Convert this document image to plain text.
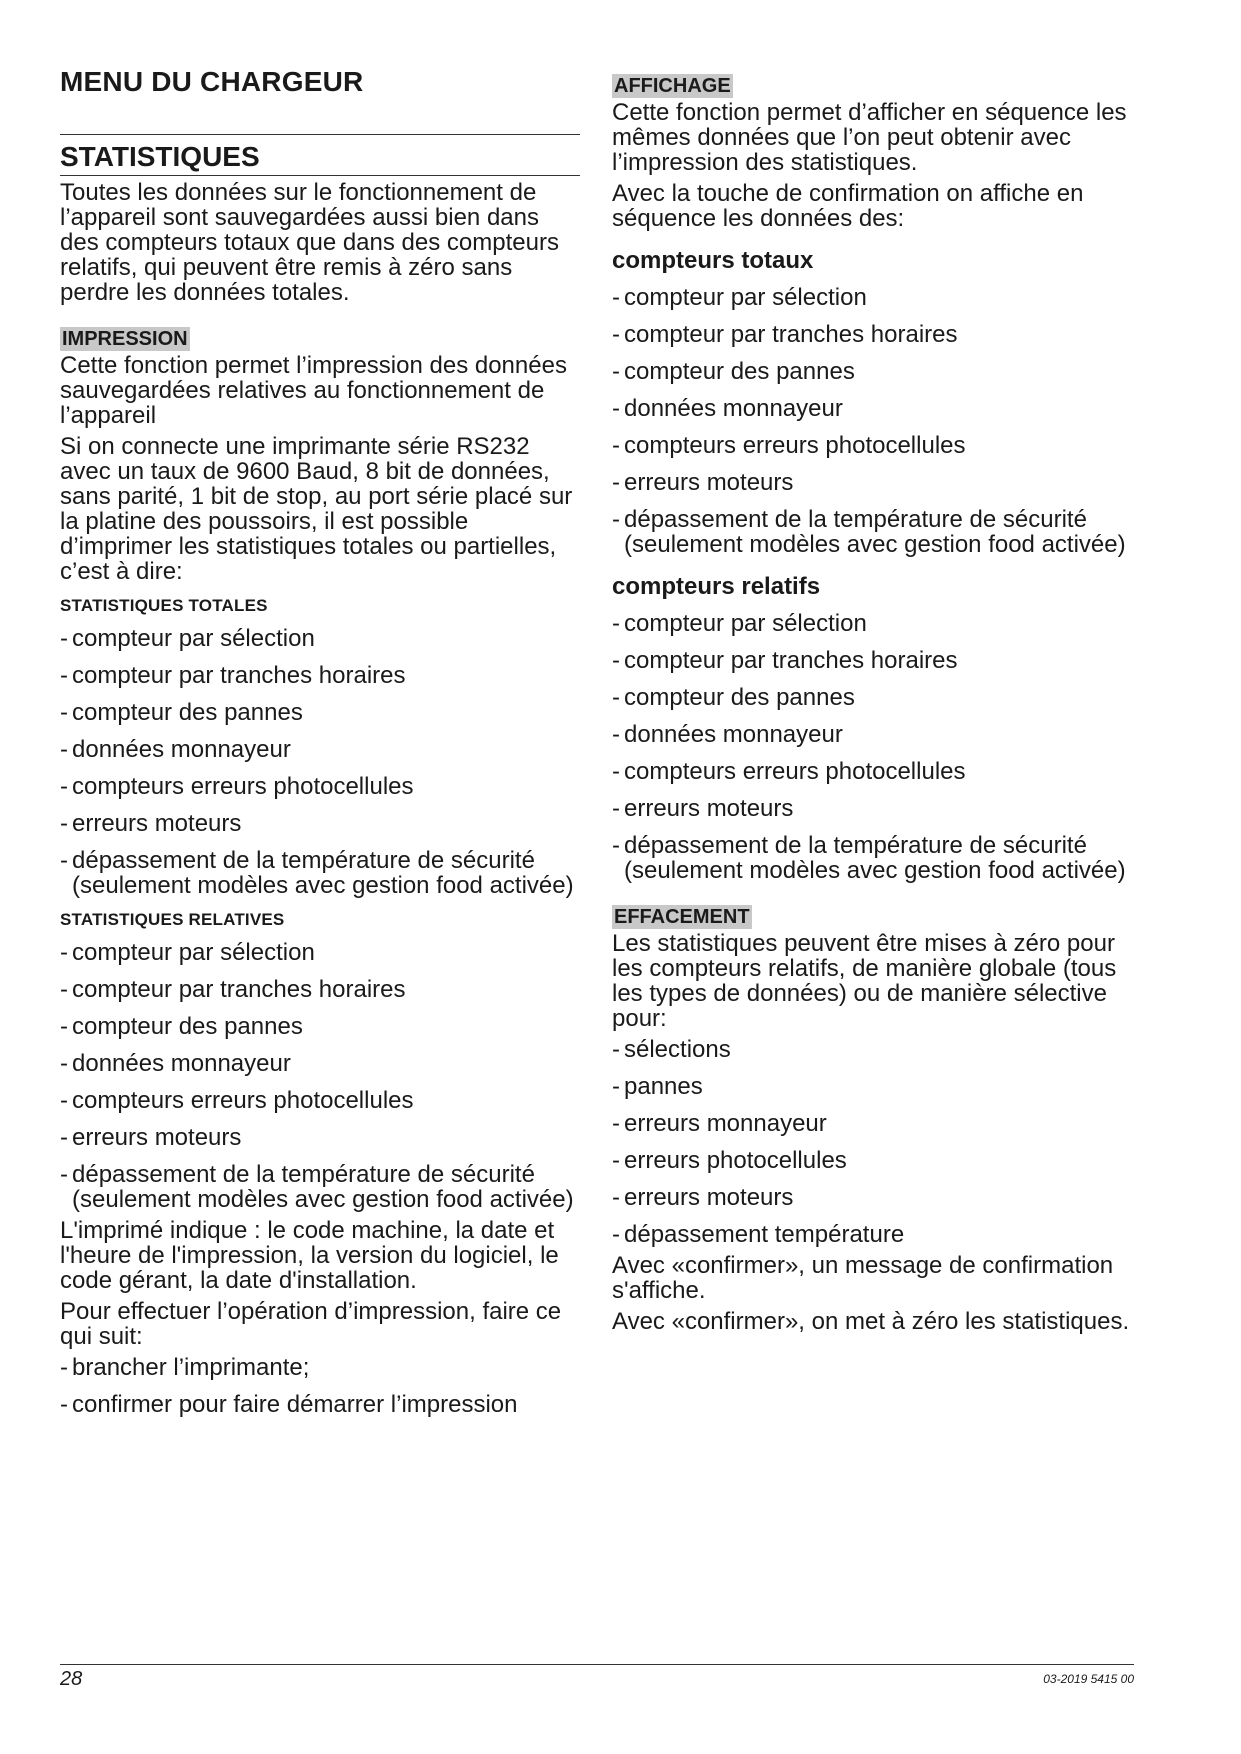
MENU DU CHARGEUR
STATISTIQUES

Toutes les données sur le fonctionnement de l’appareil sont sauvegardées aussi bien dans des compteurs totaux que dans des compteurs relatifs, qui peuvent être remis à zéro sans perdre les données totales.

IMPRESSION

Cette fonction permet l’impression des données sauvegardées relatives au fonctionnement de l’appareil

Si on connecte une imprimante série RS232 avec un taux de 9600 Baud, 8 bit de données, sans parité, 1 bit de stop, au port série placé sur la platine des poussoirs, il est possible d’imprimer les statistiques totales ou partielles, c’est à dire:

STATISTIQUES TOTALES
- compteur par sélection
- compteur par tranches horaires
- compteur des pannes
- données monnayeur
- compteurs erreurs photocellules
- erreurs moteurs
- dépassement de la température de sécurité (seulement modèles avec gestion food activée)
STATISTIQUES RELATIVES
- compteur par sélection
- compteur par tranches horaires
- compteur des pannes
- données monnayeur
- compteurs erreurs photocellules
- erreurs moteurs
- dépassement de la température de sécurité (seulement modèles avec gestion food activée)

L'imprimé indique : le code machine, la date et l'heure de l'impression, la version du logiciel, le code gérant, la date d'installation.

Pour effectuer l’opération d’impression, faire ce qui suit:

- brancher l’imprimante;
- confirmer pour faire démarrer l’impression
AFFICHAGE

Cette fonction permet d’afficher en séquence les mêmes données que l’on peut obtenir avec l’impression des statistiques.

Avec la touche de confirmation on affiche en séquence les données des:

compteurs totaux
- compteur par sélection
- compteur par tranches horaires
- compteur des pannes
- données monnayeur
- compteurs erreurs photocellules
- erreurs moteurs
- dépassement de la température de sécurité (seulement modèles avec gestion food activée)
compteurs relatifs
- compteur par sélection
- compteur par tranches horaires
- compteur des pannes
- données monnayeur
- compteurs erreurs photocellules
- erreurs moteurs
- dépassement de la température de sécurité (seulement modèles avec gestion food activée)
EFFACEMENT

Les statistiques peuvent être mises à zéro pour les compteurs relatifs, de manière globale (tous les types de données) ou de manière sélective pour:

- sélections
- pannes
- erreurs monnayeur
- erreurs photocellules
- erreurs moteurs
- dépassement température

Avec «confirmer», un message de confirmation s'affiche.

Avec «confirmer», on met à zéro les statistiques.

28	03-2019 5415 00
